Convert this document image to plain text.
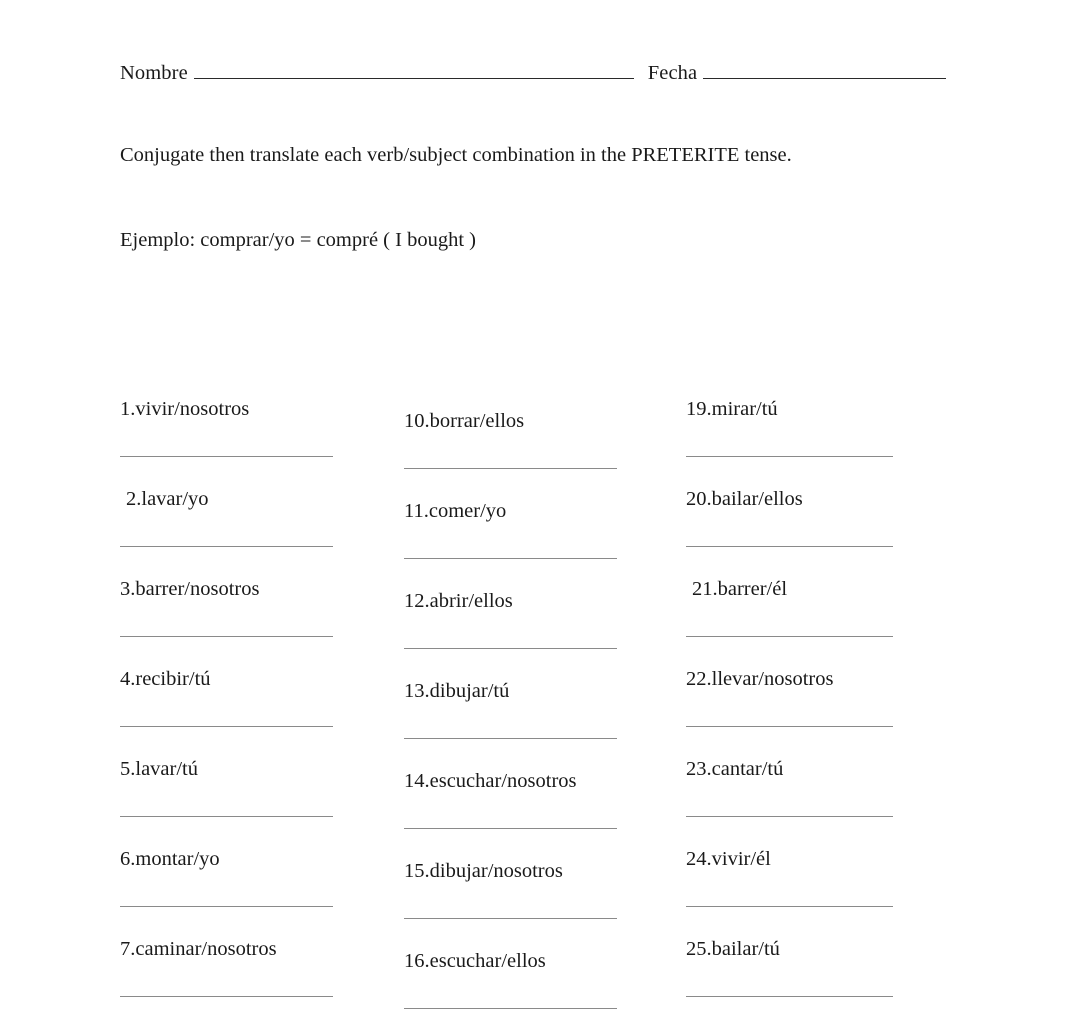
Nombre	Fecha
Conjugate then translate each verb/subject combination in the PRETERITE tense.
Ejemplo: comprar/yo = compré ( I bought )
1.vivir/nosotros
2.lavar/yo
3.barrer/nosotros
4.recibir/tú
5.lavar/tú
6.montar/yo
7.caminar/nosotros
10.borrar/ellos
11.comer/yo
12.abrir/ellos
13.dibujar/tú
14.escuchar/nosotros
15.dibujar/nosotros
16.escuchar/ellos
19.mirar/tú
20.bailar/ellos
21.barrer/él
22.llevar/nosotros
23.cantar/tú
24.vivir/él
25.bailar/tú
